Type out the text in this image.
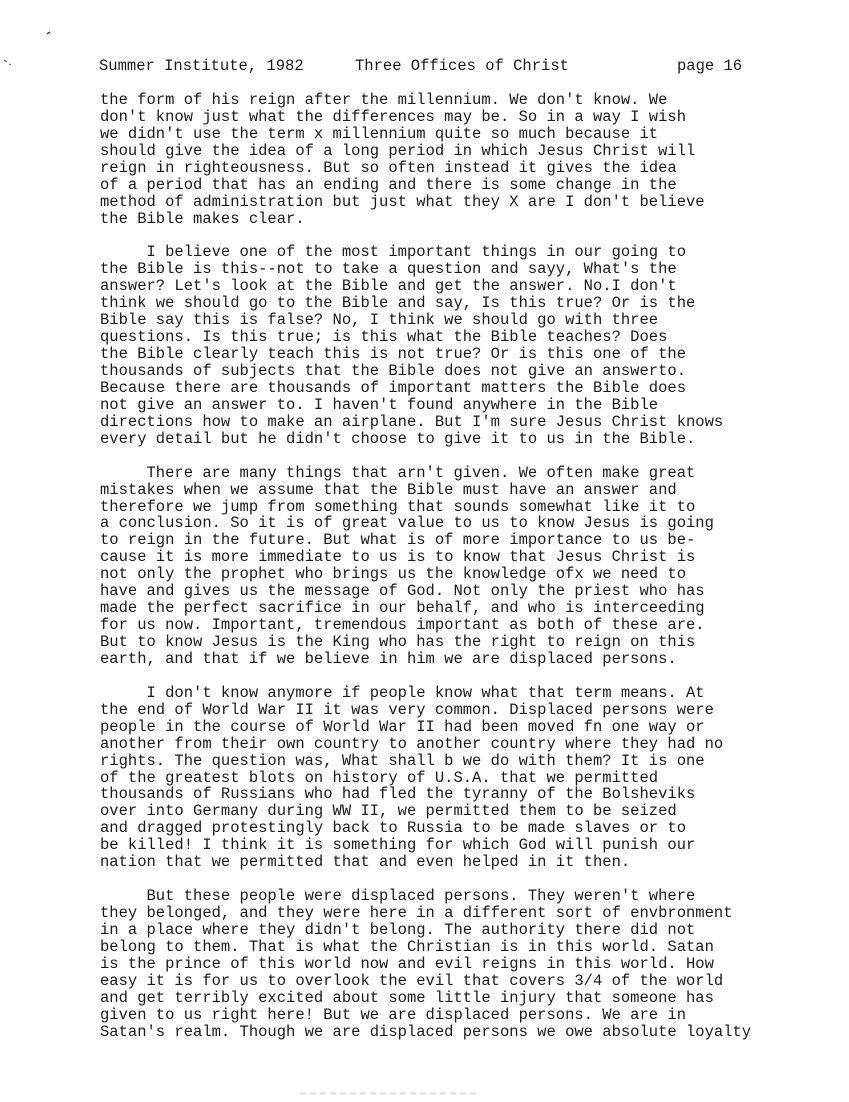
Summer Institute, 1982	Three Offices of Christ	page 16
the form of his reign after the millennium. We don't know. We
don't know just what the differences may be. So in a way I wish
we didn't use the term x millennium quite so much because it
should give the idea of a long period in which Jesus Christ will
reign in righteousness. But so often instead it gives the idea
of a period that has an ending and there is some change in the
method of administration but just what they X are I don't believe
the Bible makes clear.
I believe one of the most important things in our going to
the Bible is this--not to take a question and sayy, What's the
answer? Let's look at the Bible and get the answer. No.I don't
think we should go to the Bible and say, Is this true? Or is the
Bible say this is false? No, I think we should go with three
questions. Is this true; is this what the Bible teaches? Does
the Bible clearly teach this is not true? Or is this one of the
thousands of subjects that the Bible does not give an answerto.
Because there are thousands of important matters the Bible does
not give an answer to. I haven't found anywhere in the Bible
directions how to make an airplane. But I'm sure Jesus Christ knows
every detail but he didn't choose to give it to us in the Bible.
There are many things that arn't given. We often make great
mistakes when we assume that the Bible must have an answer and
therefore we jump from something that sounds somewhat like it to
a conclusion. So it is of great value to us to know Jesus is going
to reign in the future. But what is of more importance to us be-
cause it is more immediate to us is to know that Jesus Christ is
not only the prophet who brings us the knowledge ofx we need to
have and gives us the message of God. Not only the priest who has
made the perfect sacrifice in our behalf, and who is interceeding
for us now. Important, tremendous important as both of these are.
But to know Jesus is the King who has the right to reign on this
earth, and that if we believe in him we are displaced persons.
I don't know anymore if people know what that term means. At
the end of World War II it was very common. Displaced persons were
people in the course of World War II had been moved fn one way or
another from their own country to another country where they had no
rights. The question was, What shall b we do with them? It is one
of the greatest blots on history of U.S.A. that we permitted
thousands of Russians who had fled the tyranny of the Bolsheviks
over into Germany during WW II, we permitted them to be seized
and dragged protestingly back to Russia to be made slaves or to
be killed! I think it is something for which God will punish our
nation that we permitted that and even helped in it then.
But these people were displaced persons. They weren't where
they belonged, and they were here in a different sort of envbronment
in a place where they didn't belong. The authority there did not
belong to them. That is what the Christian is in this world. Satan
is the prince of this world now and evil reigns in this world. How
easy it is for us to overlook the evil that covers 3/4 of the world
and get terribly excited about some little injury that someone has
given to us right here! But we are displaced persons. We are in
Satan's realm. Though we are displaced persons we owe absolute loyalty
